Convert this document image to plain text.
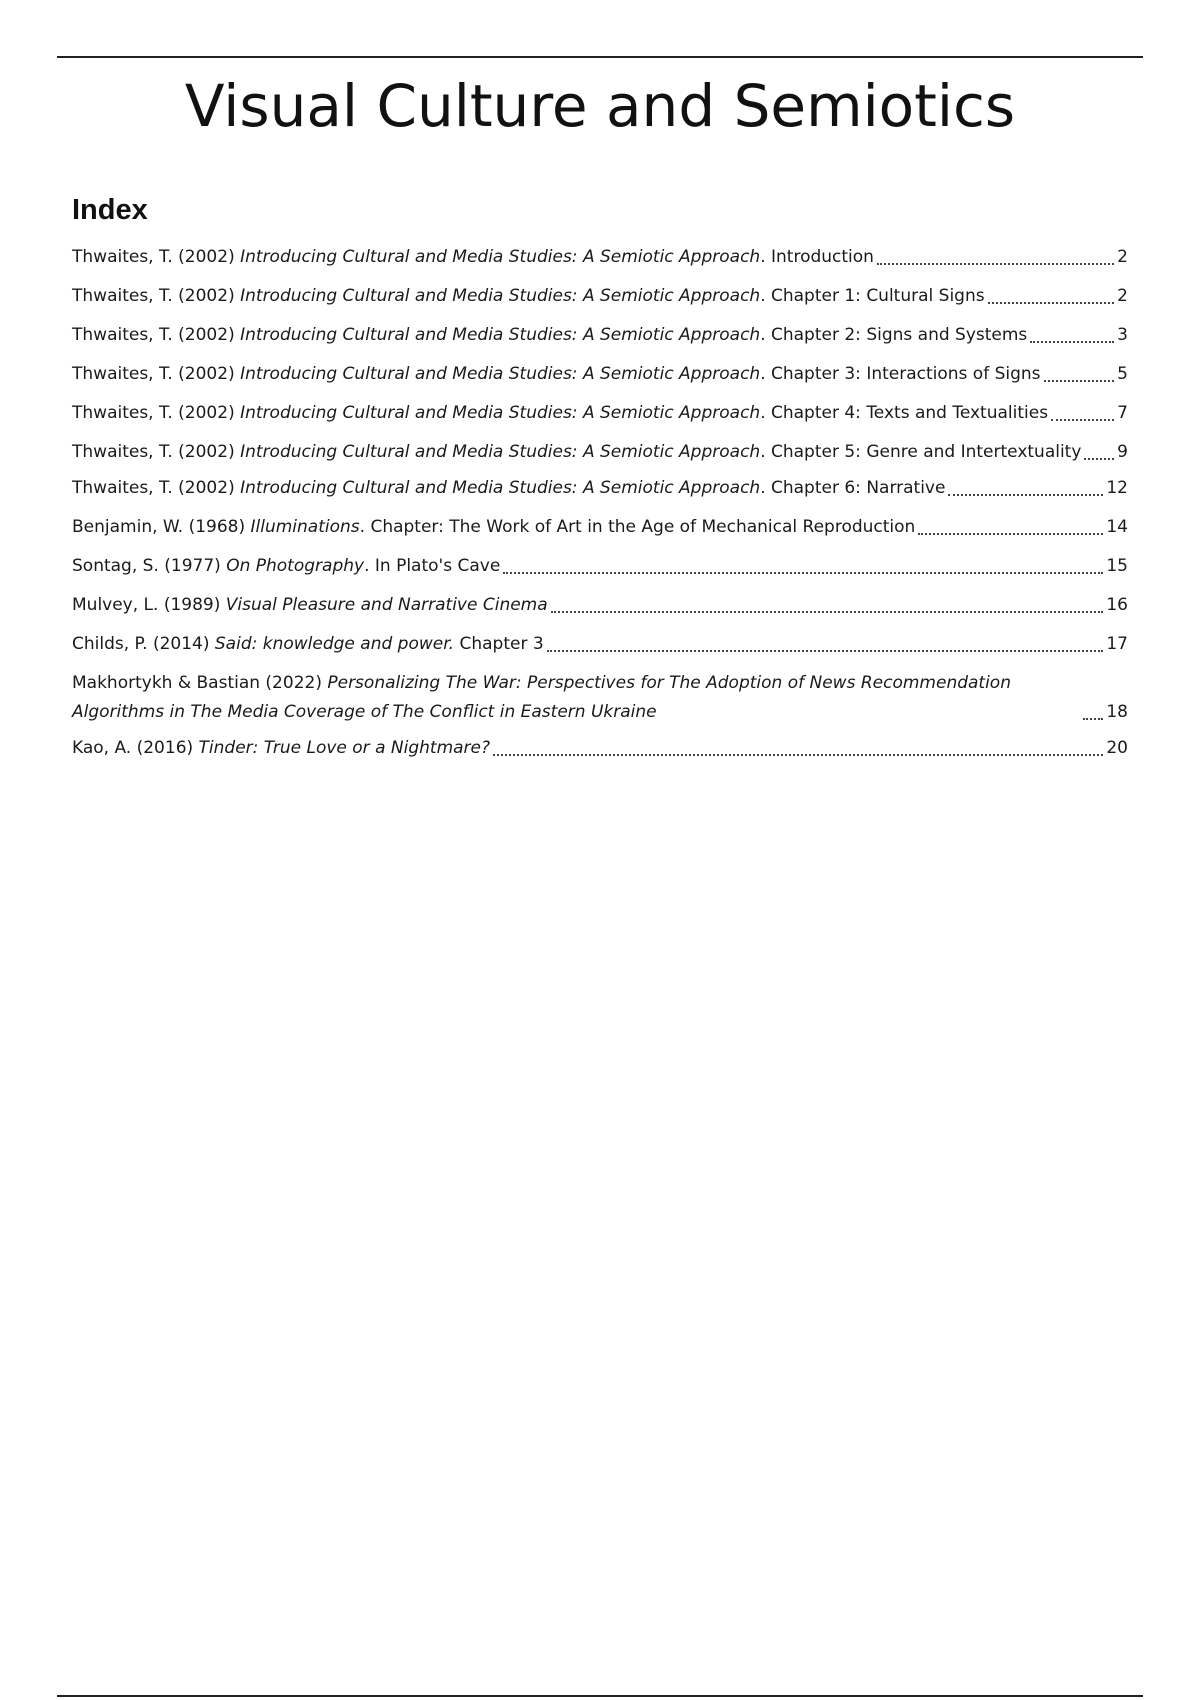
Visual Culture and Semiotics
Index
Thwaites, T. (2002) Introducing Cultural and Media Studies: A Semiotic Approach. Introduction	2
Thwaites, T. (2002) Introducing Cultural and Media Studies: A Semiotic Approach. Chapter 1: Cultural Signs	2
Thwaites, T. (2002) Introducing Cultural and Media Studies: A Semiotic Approach. Chapter 2: Signs and Systems	3
Thwaites, T. (2002) Introducing Cultural and Media Studies: A Semiotic Approach. Chapter 3: Interactions of Signs	5
Thwaites, T. (2002) Introducing Cultural and Media Studies: A Semiotic Approach. Chapter 4: Texts and Textualities	7
Thwaites, T. (2002) Introducing Cultural and Media Studies: A Semiotic Approach. Chapter 5: Genre and Intertextuality 9
Thwaites, T. (2002) Introducing Cultural and Media Studies: A Semiotic Approach. Chapter 6: Narrative	12
Benjamin, W. (1968) Illuminations. Chapter: The Work of Art in the Age of Mechanical Reproduction	14
Sontag, S. (1977) On Photography. In Plato's Cave	15
Mulvey, L. (1989) Visual Pleasure and Narrative Cinema	16
Childs, P. (2014) Said: knowledge and power. Chapter 3	17
Makhortykh & Bastian (2022) Personalizing The War: Perspectives for The Adoption of News Recommendation Algorithms in The Media Coverage of The Conflict in Eastern Ukraine	18
Kao, A. (2016) Tinder: True Love or a Nightmare?	20
